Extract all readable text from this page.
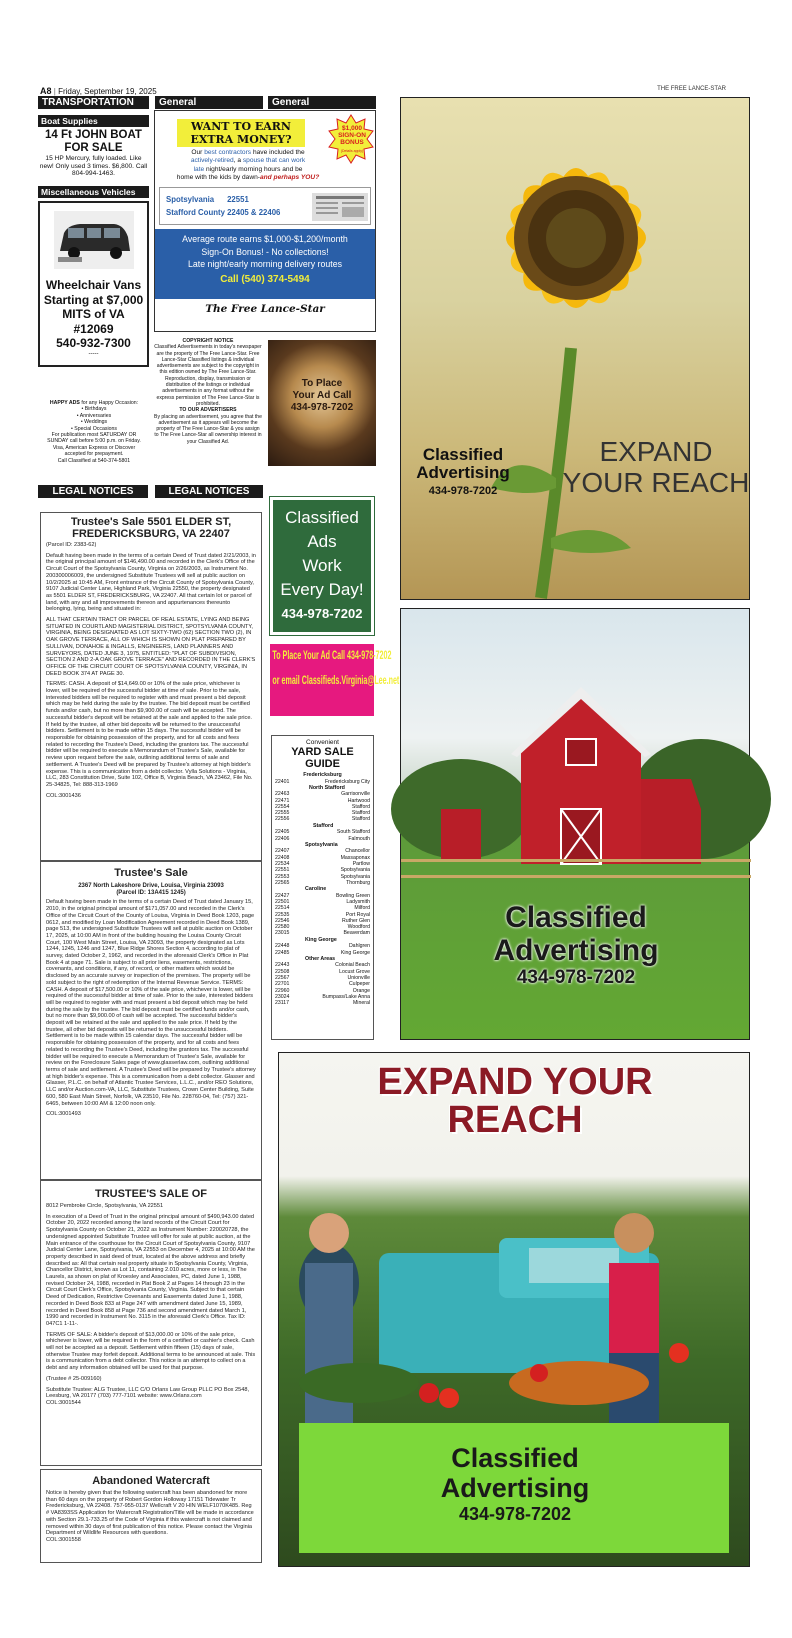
A8 | Friday, September 19, 2025	THE FREE LANCE-STAR
TRANSPORTATION
Boat Supplies
14 Ft JOHN BOAT FOR SALE
15 HP Mercury, fully loaded. Like new! Only used 3 times. $6,800. Call 804-994-1463.
Miscellaneous Vehicles
Wheelchair Vans Starting at $7,000
MITS of VA #12069
540-932-7300
-----
HAPPY ADS for any Happy Occasion:
• Birthdays
• Anniversaries
• Weddings
• Special Occasions
For publication most SATURDAY OR SUNDAY call before 5:00 p.m. on Friday. Visa, American Express or Discover accepted for prepayment.
Call Classified at 540-374-5801
General	General
WANT TO EARN
EXTRA MONEY?
$1,000 SIGN-ON BONUS
(Details apply)
Our best contractors have included the
actively-retired, a spouse that can work
late night/early morning hours and be
home with the kids by dawn-and perhaps YOU?
Spotsylvania      22551
Stafford County 22405 & 22406
Average route earns $1,000-$1,200/month
Sign-On Bonus! - No collections!
Late night/early morning delivery routes
Call (540) 374-5494
The Free Lance-Star
COPYRIGHT NOTICE
Classified Advertisements in today's newspaper are the property of The Free Lance-Star. Free Lance-Star Classified listings & individual advertisements are subject to the copyright in this edition owned by The Free Lance-Star. Reproduction, display, transmission or distribution of the listings or individual advertisements in any format without the express permission of The Free Lance-Star is prohibited.
TO OUR ADVERTISERS
By placing an advertisement, you agree that the advertisement as it appears will become the property of The Free Lance-Star & you assign to The Free Lance-Star all ownership interest in your Classified Ad.
To Place
Your Ad Call
434-978-7202
LEGAL NOTICES	LEGAL NOTICES
Trustee's Sale 5501 ELDER ST, FREDERICKSBURG, VA 22407

(Parcel ID: 2383-62)

Default having been made in the terms of a certain Deed of Trust dated 2/21/2003, in the original principal amount of $146,490.00 and recorded in the Clerk's Office of the Circuit Court of the Spotsylvania County, Virginia on 2/26/2003, as Instrument No. 200300006009, the undersigned Substitute Trustees will sell at public auction on 10/2/2025 at 10:45 AM, Front entrance of the Circuit County of Spotsylvania County, 9107 Judicial Center Lane, Highland Park, Virginia 22550, the property designated as 5501 ELDER ST, FREDERICKSBURG, VA 22407. All that certain lot or parcel of land, with any and all improvements thereon and appurtenances thereunto belonging, lying, being and situated in:

ALL THAT CERTAIN TRACT OR PARCEL OF REAL ESTATE, LYING AND BEING SITUATED IN COURTLAND MAGISTERIAL DISTRICT, SPOTSYLVANIA COUNTY, VIRGINIA, BEING DESIGNATED AS LOT SIXTY-TWO (62) SECTION TWO (2), IN OAK GROVE TERRACE, ALL OF WHICH IS SHOWN ON PLAT PREPARED BY SULLIVAN, DONAHOE & INGALLS, ENGINEERS, LAND PLANNERS AND SURVEYORS, DATED JUNE 3, 1975, ENTITLED: "PLAT OF SUBDIVISION, SECTION 2 AND 2-A OAK GROVE TERRACE" AND RECORDED IN THE CLERK'S OFFICE OF THE CIRCUIT COURT OF SPOTSYLVANIA COUNTY, VIRGINIA, IN DEED BOOK 374 AT PAGE 30.

TERMS: CASH. A deposit of $14,649.00 or 10% of the sale price, whichever is lower, will be required of the successful bidder at time of sale. Prior to the sale, interested bidders will be required to register with and must present a bid deposit which may be held during the sale by the trustee. The bid deposit must be certified funds and/or cash, but no more than $9,900.00 of cash will be accepted. The successful bidder's deposit will be retained at the sale and applied to the sale price. If held by the trustee, all other bid deposits will be returned to the unsuccessful bidders. Settlement is to be made within 15 days. The successful bidder will be responsible for obtaining possession of the property, and for all costs and fees related to recording the Trustee's Deed, including the grantors tax. The successful bidder will be required to execute a Memorandum of Trustee's Sale, available for review upon request before the sale, outlining additional terms of sale and settlement. A Trustee's Deed will be prepared by Trustee's attorney at high bidder's expense. This is a communication from a debt collector. Vylla Solutions - Virginia, LLC, 283 Constitution Drive, Suite 102, Office B, Virginia Beach, VA 23462, File No. 25-34825, Tel: 888-313-1969

COL:3001436
Trustee's Sale
2367 North Lakeshore Drive, Louisa, Virginia 23093
(Parcel ID: 13A415 1245)

Default having been made in the terms of a certain Deed of Trust dated January 15, 2010, in the original principal amount of $171,057.00 and recorded in the Clerk's Office of the Circuit Court of the County of Louisa, Virginia in Deed Book 1203, page 0612, and modified by Loan Modification Agreement recorded in Deed Book 1389, page 513, the undersigned Substitute Trustees will sell at public auction on October 17, 2025, at 10:00 AM in front of the building housing the Louisa County Circuit Court, 100 West Main Street, Louisa, VA 23093, the property designated as Lots 1244, 1245, 1246 and 1247, Blue Ridge Shores Section 4, according to plat of survey, dated October 2, 1962, and recorded in the aforesaid Clerk's Office in Plat Book 4 at page 71. Sale is subject to all prior liens, easements, restrictions, covenants, and conditions, if any, of record, or other matters which would be disclosed by an accurate survey or inspection of the premises. The property will be sold subject to the right of redemption of the Internal Revenue Service. TERMS: CASH. A deposit of $17,500.00 or 10% of the sale price, whichever is lower, will be required of the successful bidder at time of sale. Prior to the sale, interested bidders will be required to register with and must present a bid deposit which may be held during the sale by the trustee. The bid deposit must be certified funds and/or cash, but no more than $9,900.00 of cash will be accepted. The successful bidder's deposit will be retained at the sale and applied to the sale price. If held by the trustee, all other bid deposits will be returned to the unsuccessful bidders. Settlement is to be made within 15 calendar days. The successful bidder will be responsible for obtaining possession of the property, and for all costs and fees related to recording the Trustee's Deed, including the grantors tax. The successful bidder will be required to execute a Memorandum of Trustee's Sale, available for review on the Foreclosure Sales page of www.glasserlaw.com, outlining additional terms of sale and settlement. A Trustee's Deed will be prepared by Trustee's attorney at high bidder's expense. This is a communication from a debt collector. Glasser and Glasser, P.L.C. on behalf of Atlantic Trustee Services, L.L.C., and/or REO Solutions, LLC and/or Auction.com-VA, LLC, Substitute Trustees, Crown Center Building, Suite 600, 580 East Main Street, Norfolk, VA 23510, File No. 228760-04, Tel: (757) 321-6465, between 10:00 AM & 12:00 noon only.

COL:3001493
TRUSTEE'S SALE OF

8012 Pembroke Circle, Spotsylvania, VA 22551

In execution of a Deed of Trust in the original principal amount of $490,943.00 dated October 20, 2022 recorded among the land records of the Circuit Court for Spotsylvania County on October 21, 2022 as Instrument Number: 220020728, the undersigned appointed Substitute Trustee will offer for sale at public auction, at the Main entrance of the courthouse for the Circuit Court of Spotsylvania County, 9107 Judicial Center Lane, Spotsylvania, VA 22553 on December 4, 2025 at 10:00 AM the property described in said deed of trust, located at the above address and briefly described as: All that certain real property situate in Spotsylvania County, Virginia, Chancellor District, known as Lot 11, containing 2.010 acres, more or less, in The Laurels, as shown on plat of Kroesley and Associates, PC, dated June 1, 1988, revised October 24, 1988, recorded in Plat Book 2 at Pages 14 through 23 in the Circuit Court Clerk's Office, Spotsylvania County, Virginia. Subject to that certain Deed of Dedication, Restrictive Covenants and Easements dated June 1, 1988, recorded in Deed Book 833 at Page 247 with amendment dated June 15, 1989, recorded in Deed Book 858 at Page 736 and second amendment dated March 1, 1990 and recorded in Instrument No. 3115 in the aforesaid Clerk's Office. Tax ID: 047C1 1-11-.

TERMS OF SALE: A bidder's deposit of $13,000.00 or 10% of the sale price, whichever is lower, will be required in the form of a certified or cashier's check. Cash will not be accepted as a deposit. Settlement within fifteen (15) days of sale, otherwise Trustee may forfeit deposit. Additional terms to be announced at sale. This is a communication from a debt collector. This notice is an attempt to collect on a debt and any information obtained will be used for that purpose.

(Trustee # 25-009160)

Substitute Trustee: ALG Trustee, LLC C/O Orlans Law Group PLLC PO Box 2548, Leesburg, VA 20177 (703) 777-7101 website: www.Orlans.com

COL:3001544
Abandoned Watercraft

Notice is hereby given that the following watercraft has been abandoned for more than 60 days on the property of Robert Gordon Holloway 17151 Tidewater Tr Fredericksburg, VA 22408. 757-955-0137 Wellcraft V 20 HIN WELF1070K485. Reg # VA8393SS Application for Watercraft Registration/Title will be made in accordance with Section 29.1-733.25 of the Code of Virginia if this watercraft is not claimed and removed within 30 days of first publication of this notice. Please contact the Virginia Department of Wildlife Resources with questions.

COL:3001558
Classified
Ads
Work
Every Day!
434-978-7202
To Place Your Ad Call 434-978-7202
or email Classifieds.Virginia@Lee.net
Convenient
YARD SALE GUIDE
Fredericksburg
22401	Fredericksburg City
North Stafford
22463	Garrisonville
22471	Hartwood
22554	Stafford
22555	Stafford
22556	Stafford
Stafford
22405	South Stafford
22406	Falmouth
Spotsylvania
22407	Chancellor
22408	Massaponax
22534	Partlow
22551	Spotsylvania
22553	Spotsylvania
22565	Thornburg
Caroline
22427	Bowling Green
22501	Ladysmith
22514	Milford
22535	Port Royal
22546	Ruther Glen
22580	Woodford
23015	Beaverdam
King George
22448	Dahlgren
22485	King George
Other Areas
22443	Colonial Beach
22508	Locust Grove
22567	Unionville
22701	Culpeper
22960	Orange
23024	Bumpass/Lake Anna
23117	Mineral
Classified
Advertising
434-978-7202
EXPAND
YOUR REACH
Classified
Advertising
434-978-7202
EXPAND YOUR
REACH
Classified
Advertising
434-978-7202
